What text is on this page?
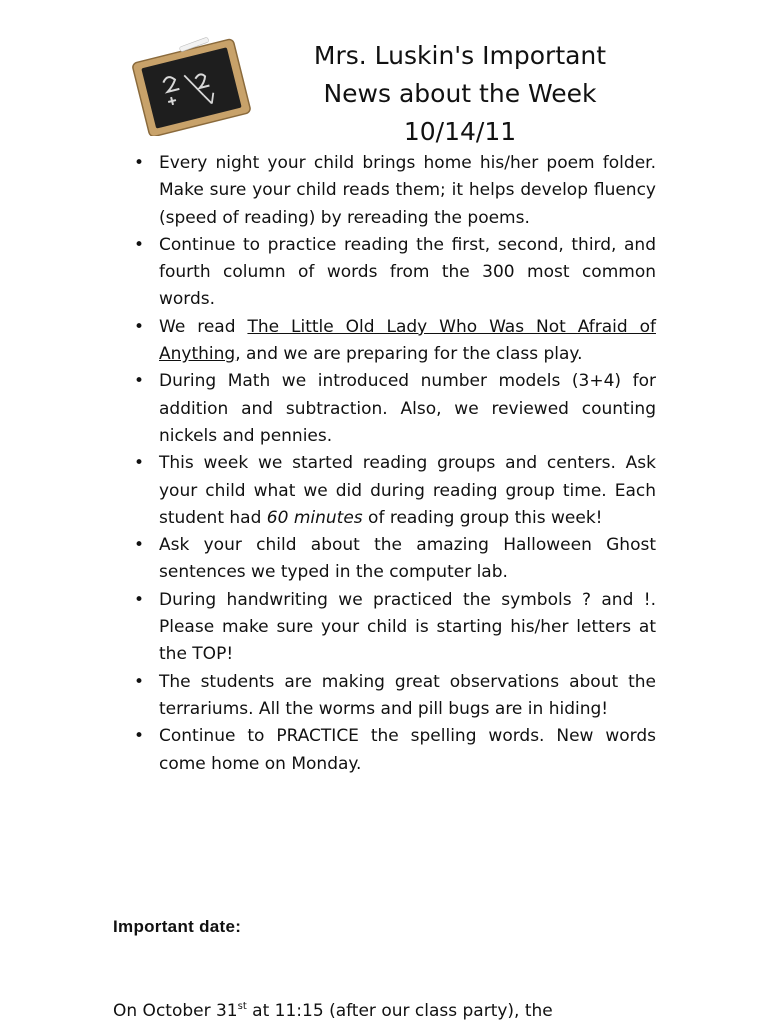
Mrs. Luskin's Important
News about the Week
10/14/11
• Every night your child brings home his/her poem folder. Make sure your child reads them; it helps develop fluency (speed of reading) by rereading the poems.
• Continue to practice reading the first, second, third, and fourth column of words from the 300 most common words.
• We read The Little Old Lady Who Was Not Afraid of Anything, and we are preparing for the class play.
• During Math we introduced number models (3+4) for addition and subtraction. Also, we reviewed counting nickels and pennies.
• This week we started reading groups and centers. Ask your child what we did during reading group time. Each student had 60 minutes of reading group this week!
• Ask your child about the amazing Halloween Ghost sentences we typed in the computer lab.
• During handwriting we practiced the symbols ? and !. Please make sure your child is starting his/her letters at the TOP!
• The students are making great observations about the terrariums. All the worms and pill bugs are in hiding!
• Continue to PRACTICE the spelling words. New words come home on Monday.
Important date:
On October 31st at 11:15 (after our class party), the
